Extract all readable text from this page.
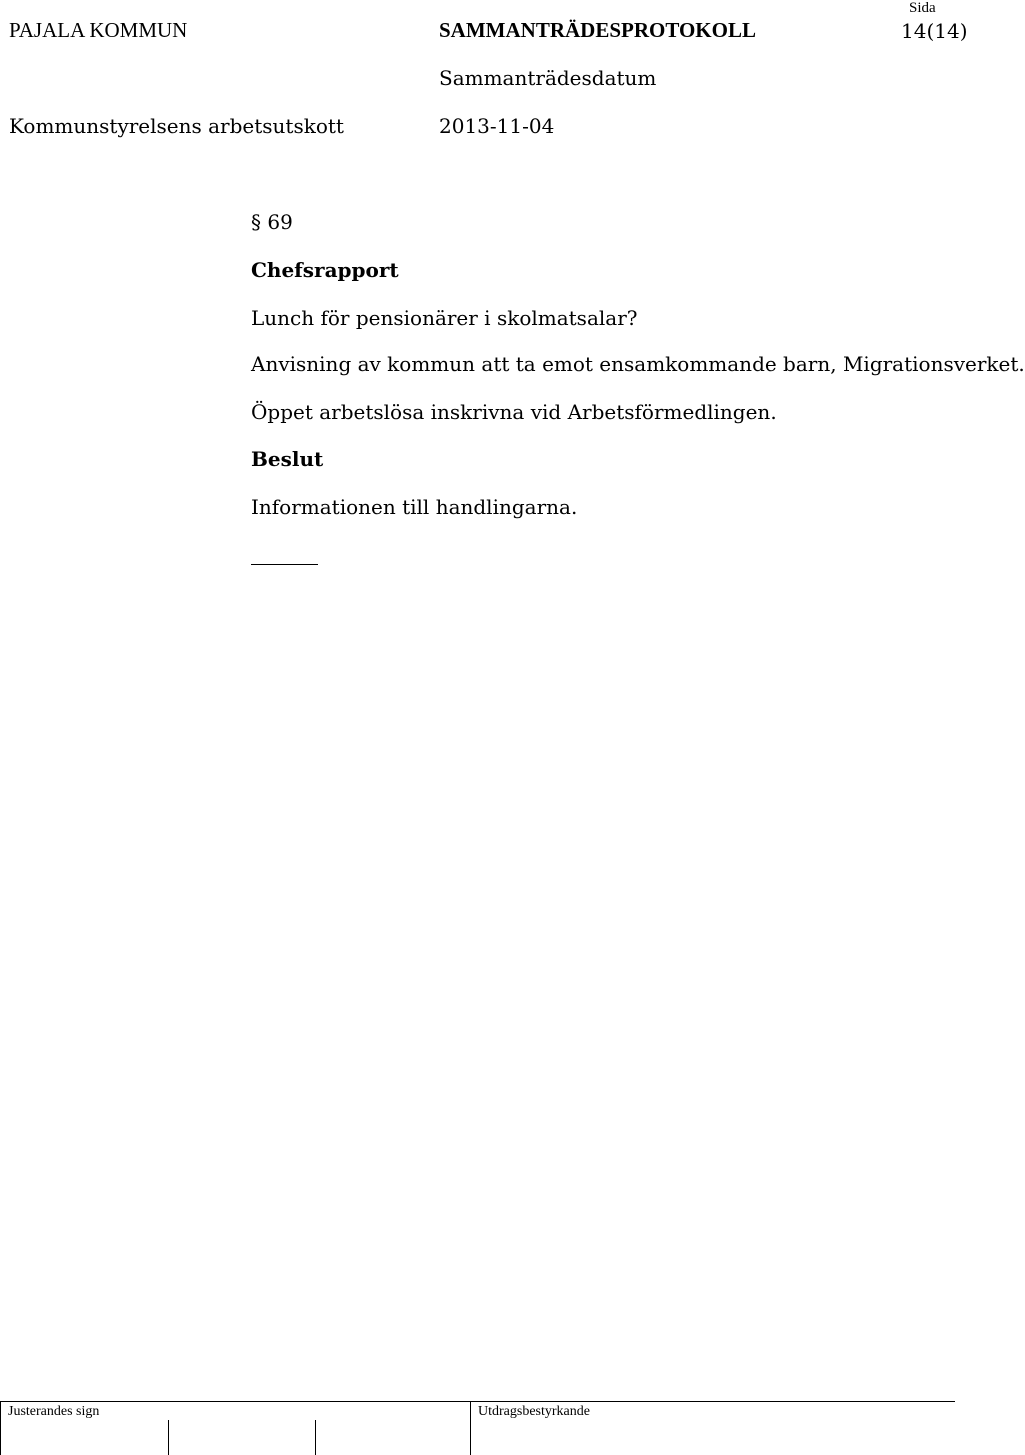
PAJALA KOMMUN	SAMMANTRÄDESPROTOKOLL
Sida
14(14)
Sammanträdesdatum
Kommunstyrelsens arbetsutskott	2013-11-04
§ 69
Chefsrapport
Lunch för pensionärer i skolmatsalar?
Anvisning av kommun att ta emot ensamkommande barn, Migrationsverket.
Öppet arbetslösa inskrivna vid Arbetsförmedlingen.
Beslut
Informationen till handlingarna.
Justerandes sign	Utdragsbestyrkande
